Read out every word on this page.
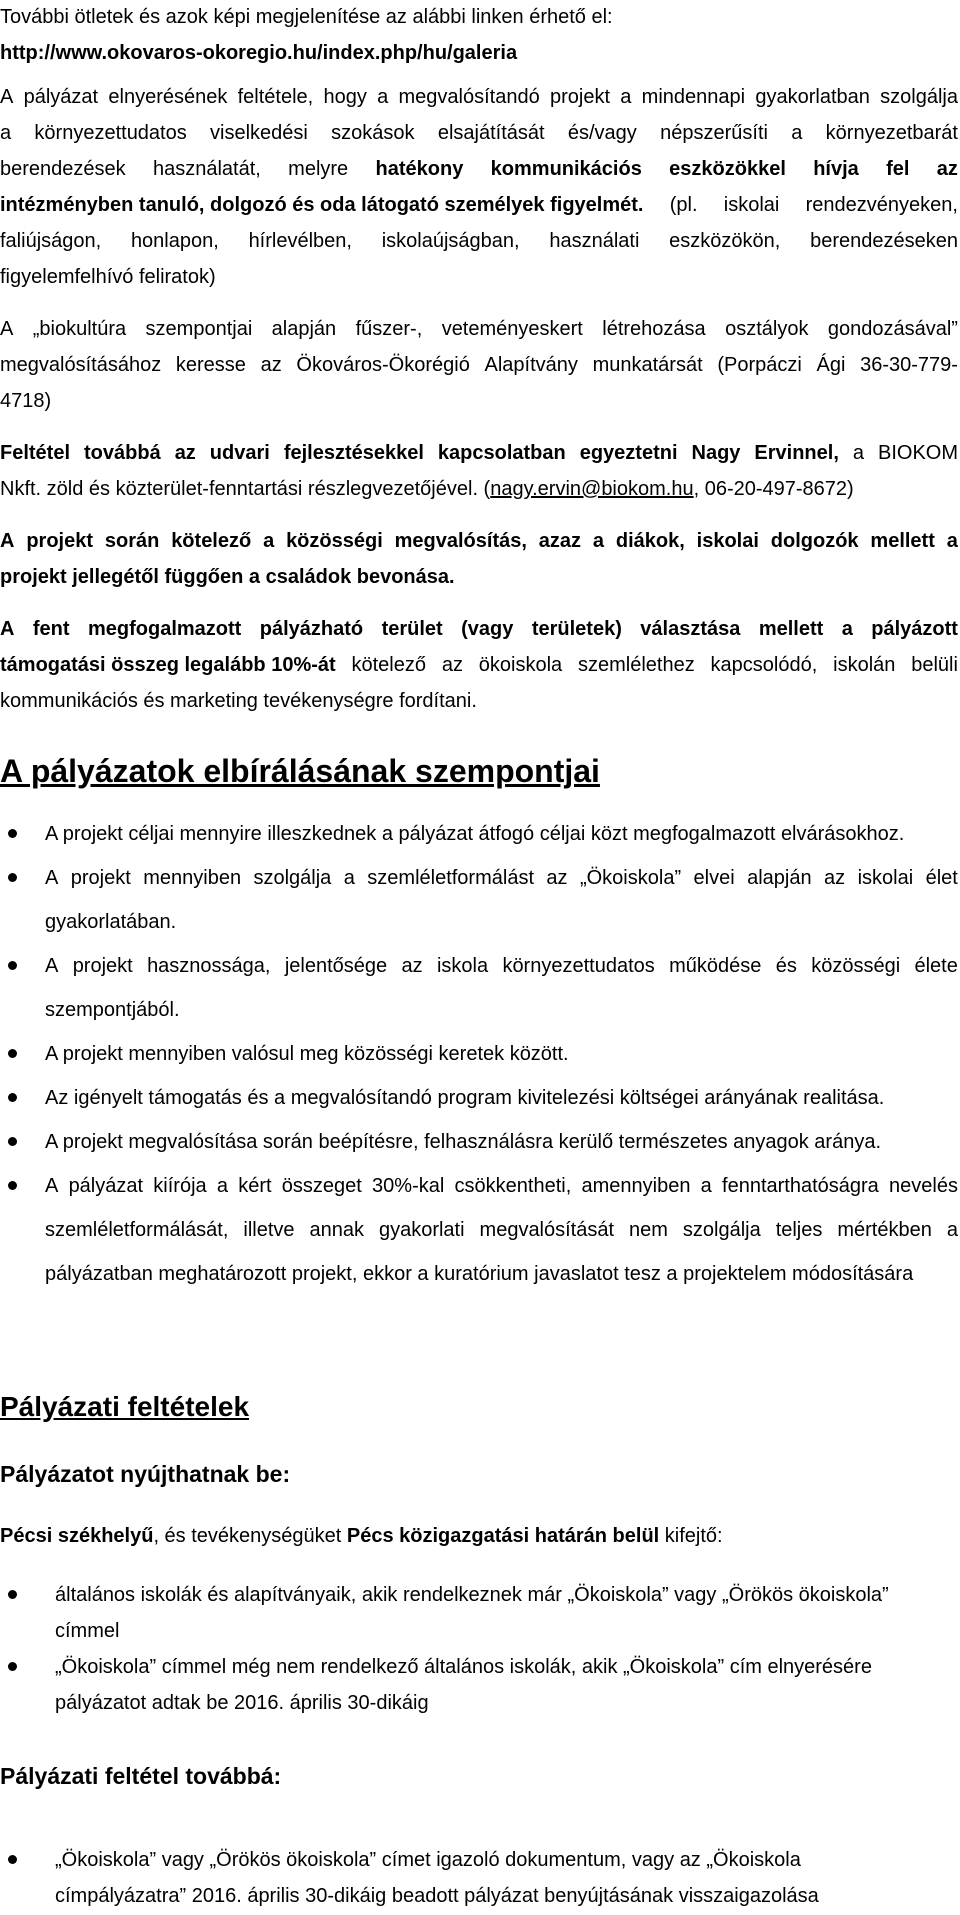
További ötletek és azok képi megjelenítése az alábbi linken érhető el:
http://www.okovaros-okoregio.hu/index.php/hu/galeria
A pályázat elnyerésének feltétele, hogy a megvalósítandó projekt a mindennapi gyakorlatban szolgálja
a környezettudatos viselkedési szokások elsajátítását és/vagy népszerűsíti a környezetbarát
berendezések használatát, melyre hatékony kommunikációs eszközökkel hívja fel az
intézményben tanuló, dolgozó és oda látogató személyek figyelmét. (pl. iskolai rendezvényeken,
faliújságon, honlapon, hírlevélben, iskolaújságban, használati eszközökön, berendezéseken
figyelemfelhívó feliratok)
A „biokultúra szempontjai alapján fűszer-, veteményeskert létrehozása osztályok gondozásával”
megvalósításához keresse az Ökováros-Ökorégió Alapítvány munkatársát (Porpáczi Ági 36-30-779-
4718)
Feltétel továbbá az udvari fejlesztésekkel kapcsolatban egyeztetni Nagy Ervinnel, a BIOKOM
Nkft. zöld és közterület-fenntartási részlegvezetőjével. (nagy.ervin@biokom.hu, 06-20-497-8672)
A projekt során kötelező a közösségi megvalósítás, azaz a diákok, iskolai dolgozók mellett a
projekt jellegétől függően a családok bevonása.
A fent megfogalmazott pályázható terület (vagy területek) választása mellett a pályázott
támogatási összeg legalább 10%-át kötelező az ökoiskola szemlélethez kapcsolódó, iskolán belüli
kommunikációs és marketing tevékenységre fordítani.
A pályázatok elbírálásának szempontjai
A projekt céljai mennyire illeszkednek a pályázat átfogó céljai közt megfogalmazott elvárásokhoz.
A projekt mennyiben szolgálja a szemléletformálást az „Ökoiskola” elvei alapján az iskolai élet
gyakorlatában.
A projekt hasznossága, jelentősége az iskola környezettudatos működése és közösségi élete
szempontjából.
A projekt mennyiben valósul meg közösségi keretek között.
Az igényelt támogatás és a megvalósítandó program kivitelezési költségei arányának realitása.
A projekt megvalósítása során beépítésre, felhasználásra kerülő természetes anyagok aránya.
A pályázat kiírója a kért összeget 30%-kal csökkentheti, amennyiben a fenntarthatóságra nevelés
szemléletformálását, illetve annak gyakorlati megvalósítását nem szolgálja teljes mértékben a
pályázatban meghatározott projekt, ekkor a kuratórium javaslatot tesz a projektelem módosítására
Pályázati feltételek
Pályázatot nyújthatnak be:
Pécsi székhelyű, és tevékenységüket Pécs közigazgatási határán belül kifejtő:
általános iskolák és alapítványaik, akik rendelkeznek már „Ökoiskola” vagy „Örökös ökoiskola”
címmel
„Ökoiskola” címmel még nem rendelkező általános iskolák, akik „Ökoiskola” cím elnyerésére
pályázatot adtak be 2016. április 30-dikáig
Pályázati feltétel továbbá:
„Ökoiskola” vagy „Örökös ökoiskola” címet igazoló dokumentum, vagy az „Ökoiskola
címpályázatra” 2016. április 30-dikáig beadott pályázat benyújtásának visszaigazolása
